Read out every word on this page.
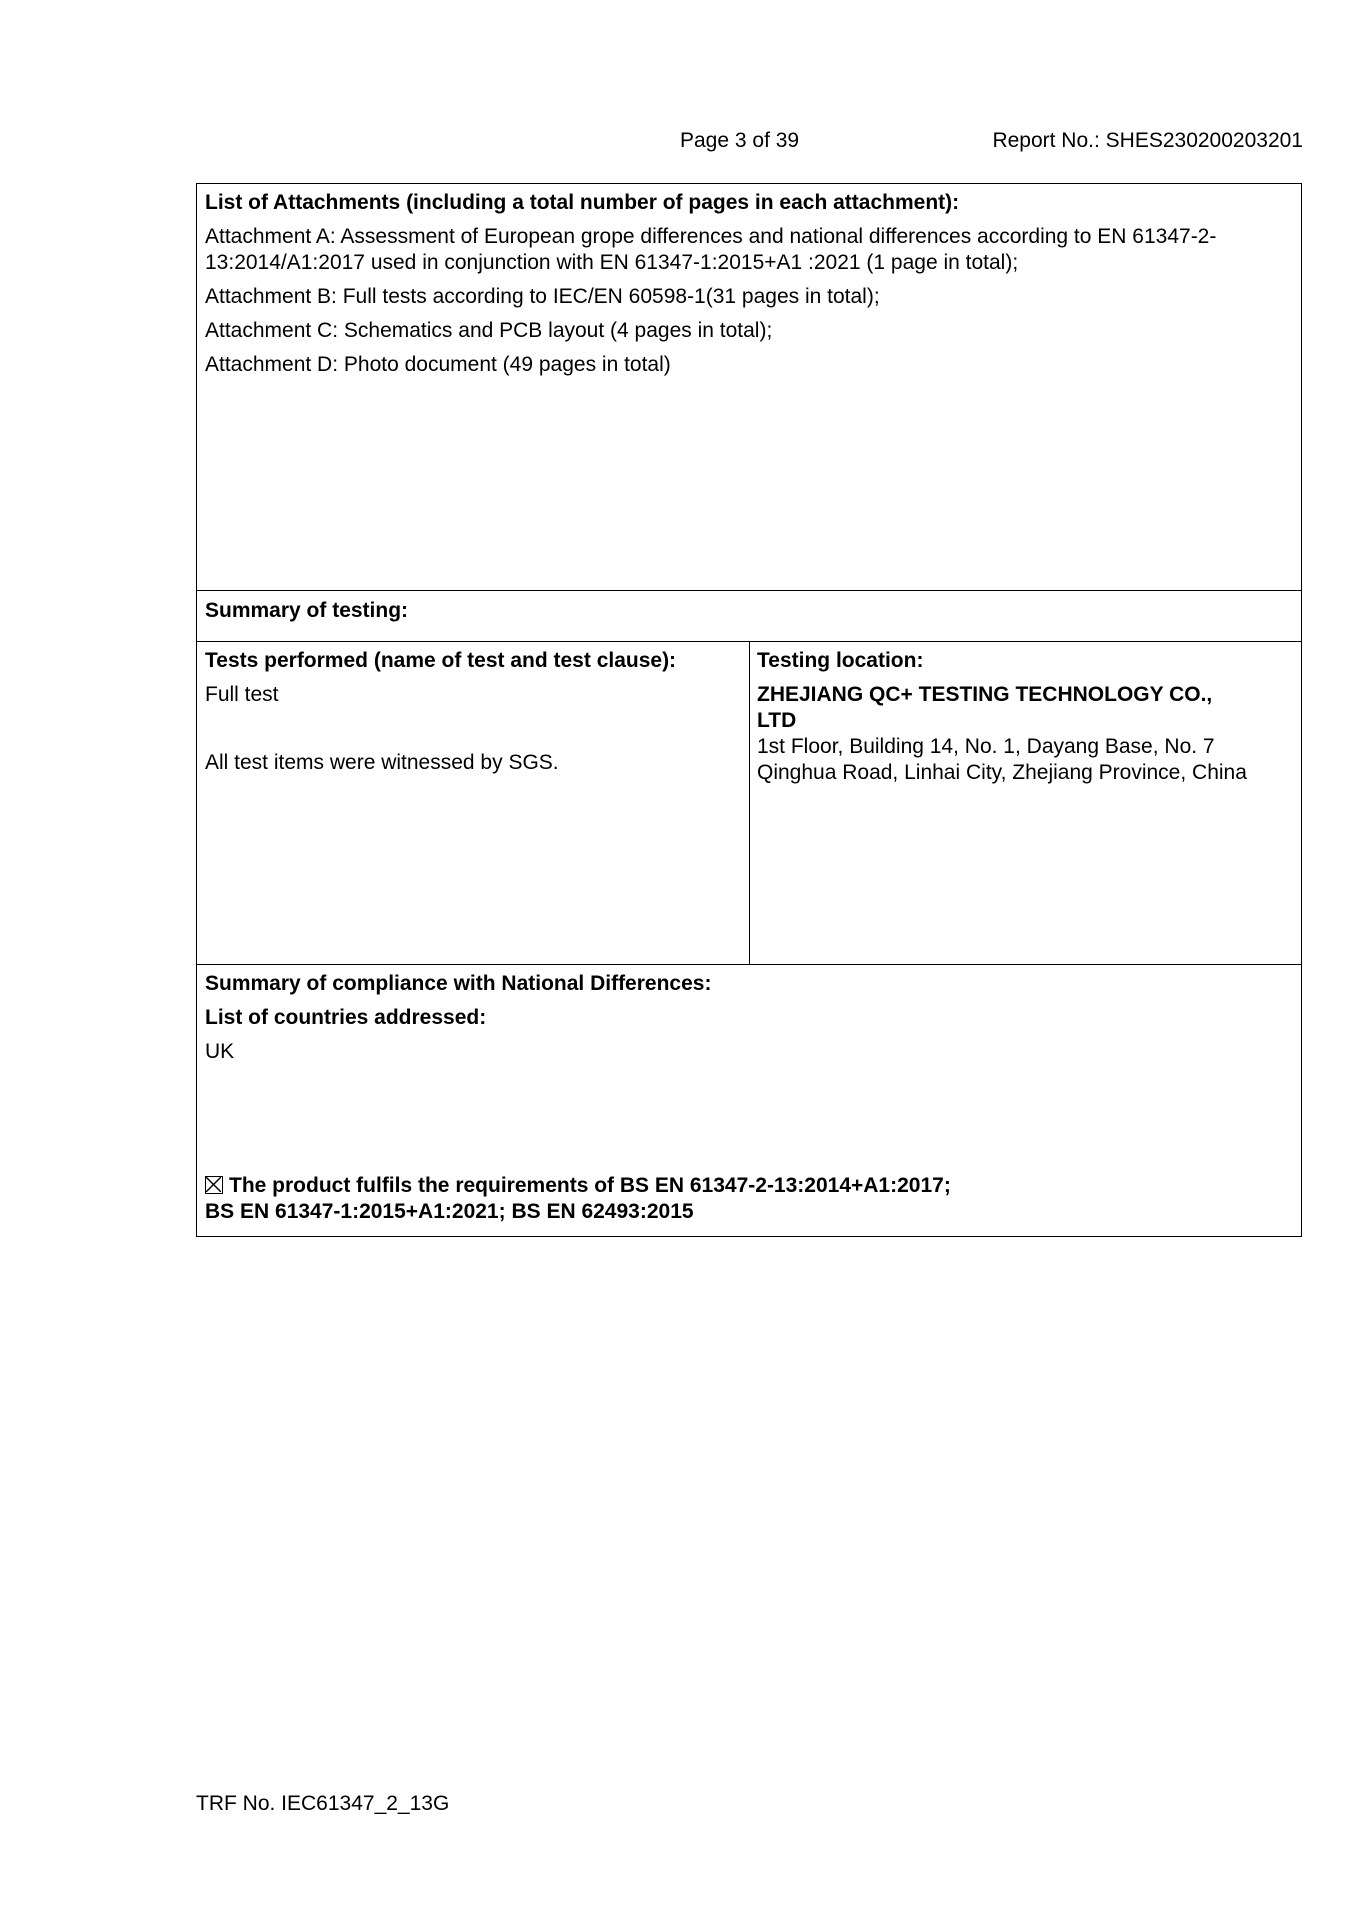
Page 3 of 39	Report No.: SHES230200203201

List of Attachments (including a total number of pages in each attachment):

Attachment A: Assessment of European grope differences and national differences according to EN 61347-2-

13:2014/A1:2017 used in conjunction with EN 61347-1:2015+A1 :2021 (1 page in total);

Attachment B: Full tests according to IEC/EN 60598-1(31 pages in total);

Attachment C: Schematics and PCB layout (4 pages in total);

Attachment D: Photo document (49 pages in total)

Summary of testing:

Tests performed (name of test and test clause):

Full test

All test items were witnessed by SGS.

Testing location:

ZHEJIANG QC+ TESTING TECHNOLOGY CO.,

LTD

1st Floor, Building 14, No. 1, Dayang Base, No. 7

Qinghua Road, Linhai City, Zhejiang Province, China

Summary of compliance with National Differences:

List of countries addressed:

UK

The product fulfils the requirements of BS EN 61347-2-13:2014+A1:2017;

BS EN 61347-1:2015+A1:2021; BS EN 62493:2015

TRF No. IEC61347_2_13G
